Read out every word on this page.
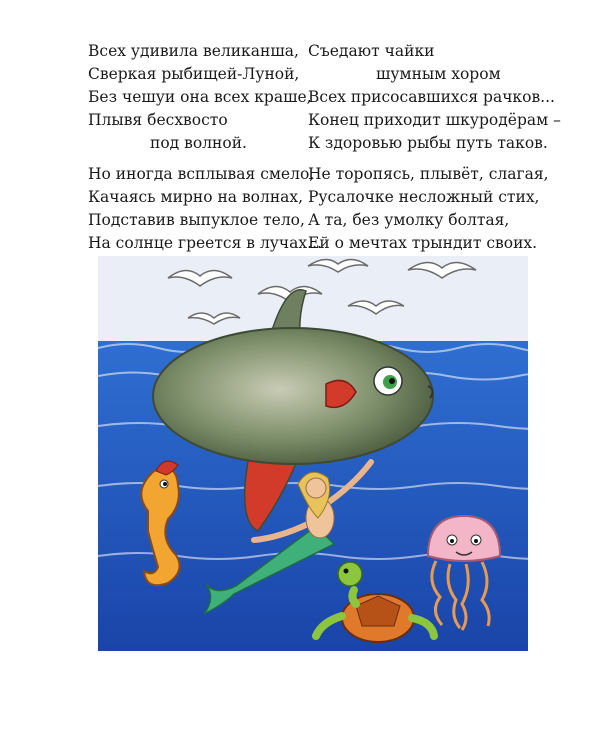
Всех удивила великанша,
Сверкая рыбищей-Луной,
Без чешуи она всех краше,
Плывя бесхвосто
под волной.
Но иногда всплывая смело,
Качаясь мирно на волнах,
Подставив выпуклое тело,
На солнце греется в лучах...
Съедают чайки
шумным хором
Всех присосавшихся рачков...
Конец приходит шкуродёрам –
К здоровью рыбы путь таков.
Не торопясь, плывёт, слагая,
Русалочке несложный стих,
А та, без умолку болтая,
Ей о мечтах трындит своих.
